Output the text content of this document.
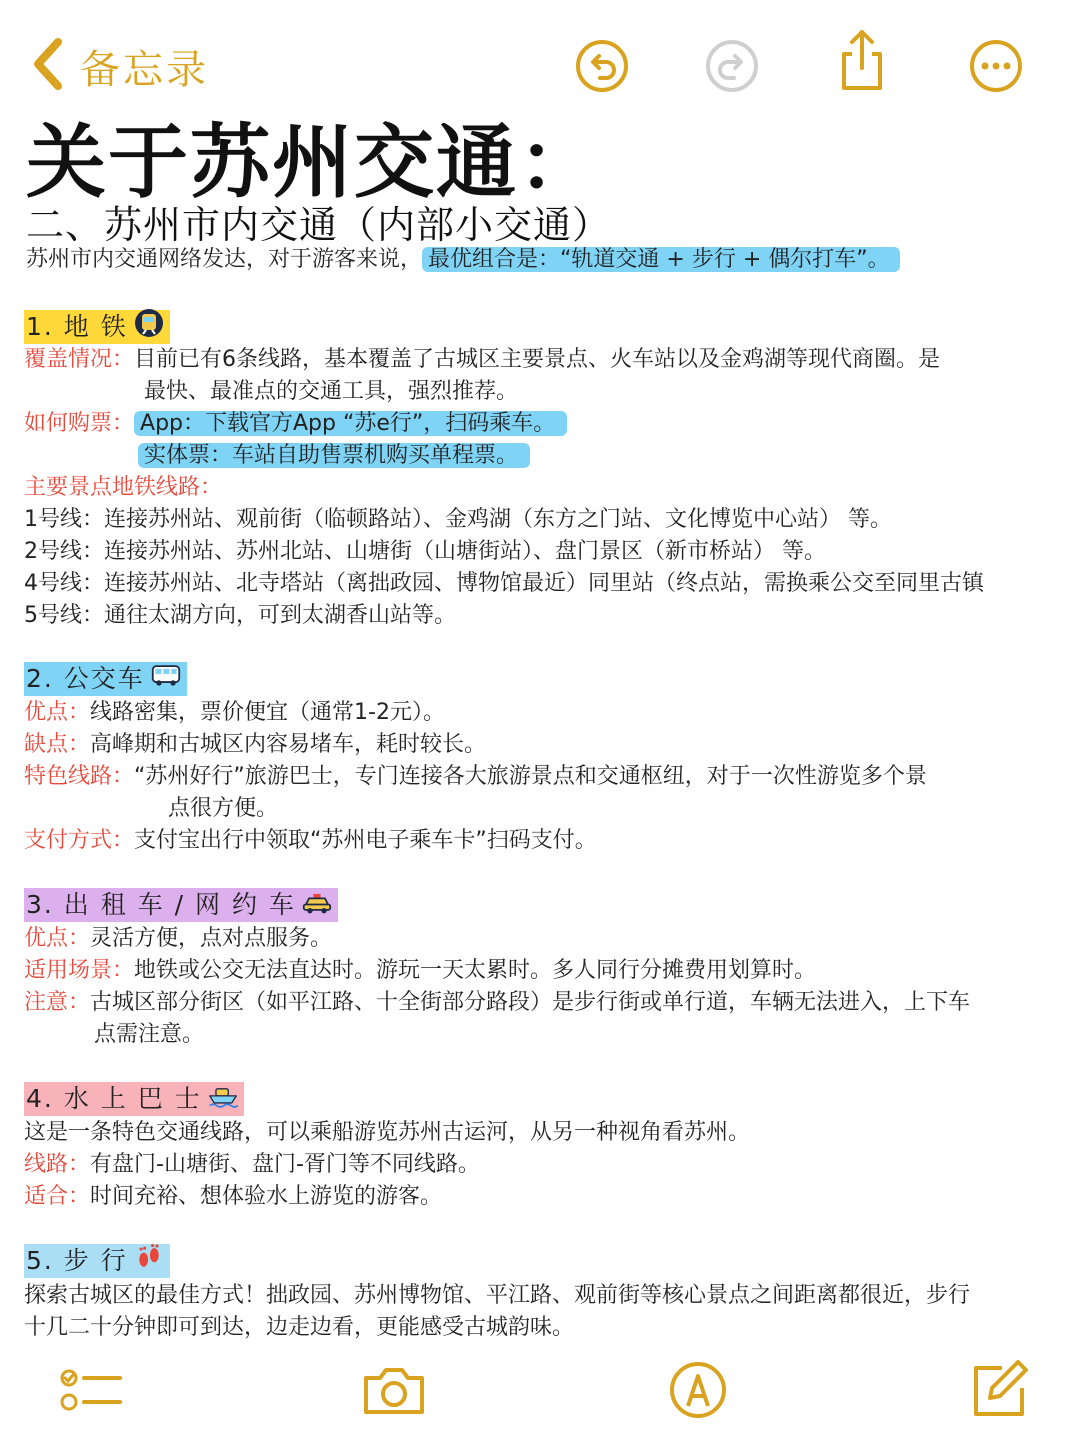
备忘录
关于苏州交通：
二、苏州市内交通（内部小交通）
苏州市内交通网络发达，对于游客来说， 最优组合是：“轨道交通 + 步行 + 偶尔打车”。
1. 地 铁
覆盖情况：目前已有6条线路，基本覆盖了古城区主要景点、火车站以及金鸡湖等现代商圈。是
最快、最准点的交通工具，强烈推荐。
如何购票： App：下载官方App “苏e行”，扫码乘车。
实体票：车站自助售票机购买单程票。
主要景点地铁线路：
1号线：连接苏州站、观前街（临顿路站）、金鸡湖（东方之门站、文化博览中心站） 等。
2号线：连接苏州站、苏州北站、山塘街（山塘街站）、盘门景区（新市桥站） 等。
4号线：连接苏州站、北寺塔站（离拙政园、博物馆最近）同里站（终点站，需换乘公交至同里古镇
5号线：通往太湖方向，可到太湖香山站等。
2. 公交车
优点：线路密集，票价便宜（通常1-2元）。
缺点：高峰期和古城区内容易堵车，耗时较长。
特色线路：“苏州好行”旅游巴士，专门连接各大旅游景点和交通枢纽，对于一次性游览多个景
点很方便。
支付方式：支付宝出行中领取“苏州电子乘车卡”扫码支付。
3. 出 租 车 / 网 约 车
优点：灵活方便，点对点服务。
适用场景：地铁或公交无法直达时。游玩一天太累时。多人同行分摊费用划算时。
注意：古城区部分街区（如平江路、十全街部分路段）是步行街或单行道，车辆无法进入，上下车
点需注意。
4. 水 上 巴 士
这是一条特色交通线路，可以乘船游览苏州古运河，从另一种视角看苏州。
线路：有盘门-山塘街、盘门-胥门等不同线路。
适合：时间充裕、想体验水上游览的游客。
5. 步 行
探索古城区的最佳方式！拙政园、苏州博物馆、平江路、观前街等核心景点之间距离都很近，步行
十几二十分钟即可到达，边走边看，更能感受古城韵味。
